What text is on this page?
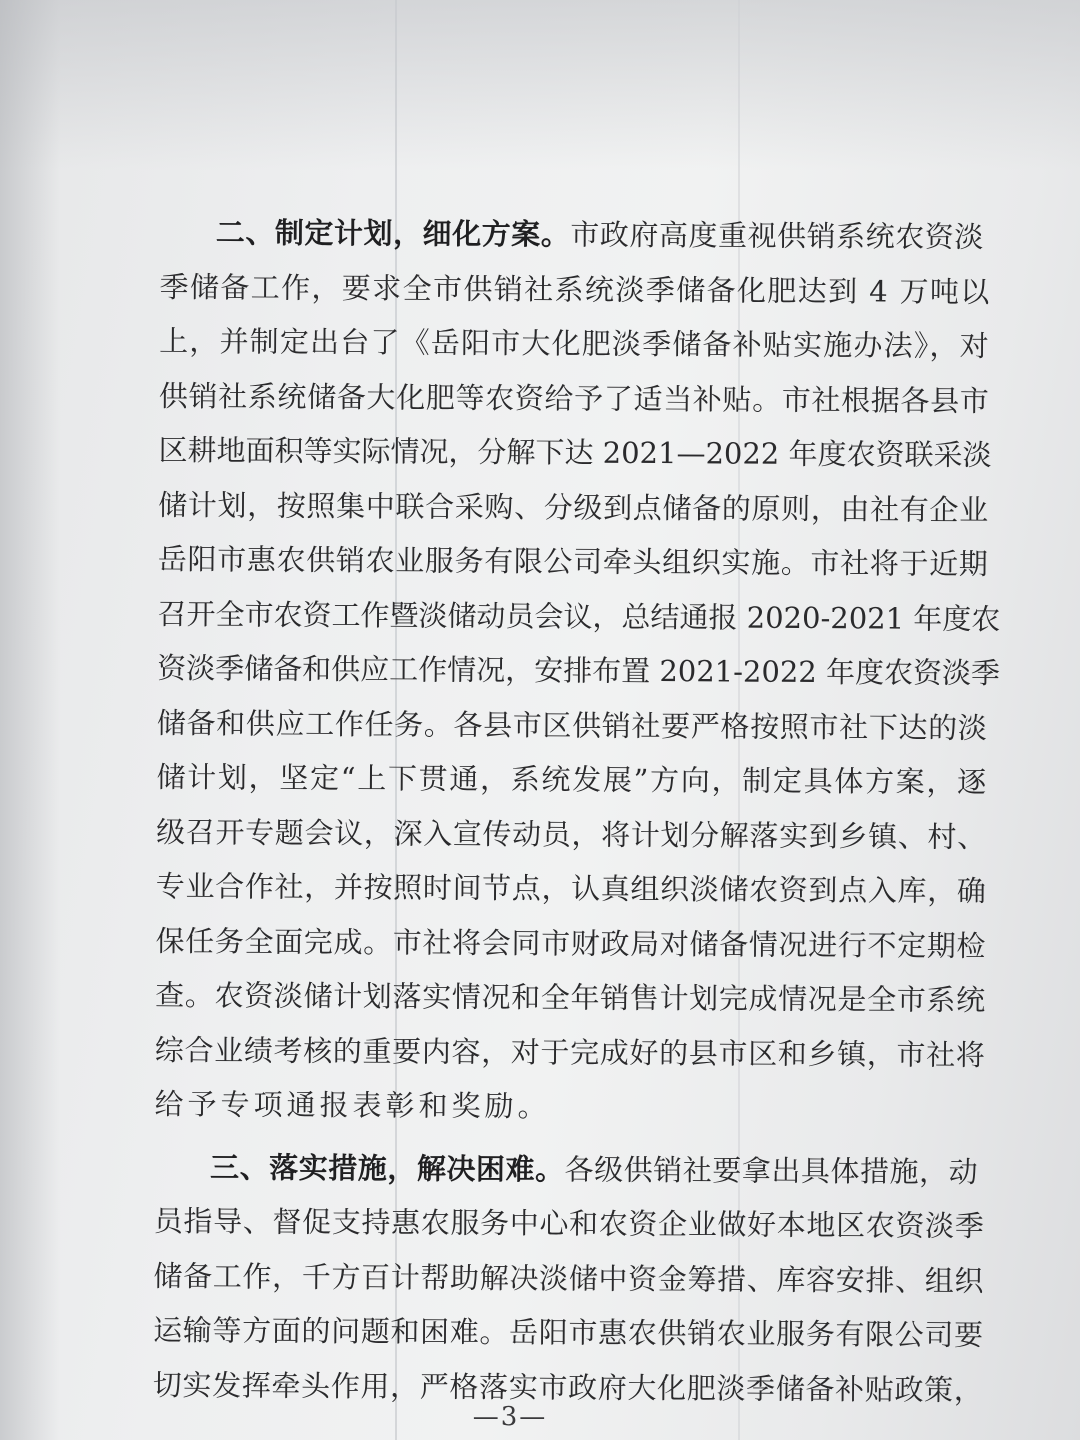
二、制定计划，细化方案。市政府高度重视供销系统农资淡
季储备工作，要求全市供销社系统淡季储备化肥达到 4 万吨以
上，并制定出台了《岳阳市大化肥淡季储备补贴实施办法》，对
供销社系统储备大化肥等农资给予了适当补贴。市社根据各县市
区耕地面积等实际情况，分解下达 2021—2022 年度农资联采淡
储计划，按照集中联合采购、分级到点储备的原则，由社有企业
岳阳市惠农供销农业服务有限公司牵头组织实施。市社将于近期
召开全市农资工作暨淡储动员会议，总结通报 2020-2021 年度农
资淡季储备和供应工作情况，安排布置 2021-2022 年度农资淡季
储备和供应工作任务。各县市区供销社要严格按照市社下达的淡
储计划，坚定“上下贯通，系统发展”方向，制定具体方案，逐
级召开专题会议，深入宣传动员，将计划分解落实到乡镇、村、
专业合作社，并按照时间节点，认真组织淡储农资到点入库，确
保任务全面完成。市社将会同市财政局对储备情况进行不定期检
查。农资淡储计划落实情况和全年销售计划完成情况是全市系统
综合业绩考核的重要内容，对于完成好的县市区和乡镇，市社将
给予专项通报表彰和奖励。
三、落实措施，解决困难。各级供销社要拿出具体措施，动
员指导、督促支持惠农服务中心和农资企业做好本地区农资淡季
储备工作，千方百计帮助解决淡储中资金筹措、库容安排、组织
运输等方面的问题和困难。岳阳市惠农供销农业服务有限公司要
切实发挥牵头作用，严格落实市政府大化肥淡季储备补贴政策，
—3—
